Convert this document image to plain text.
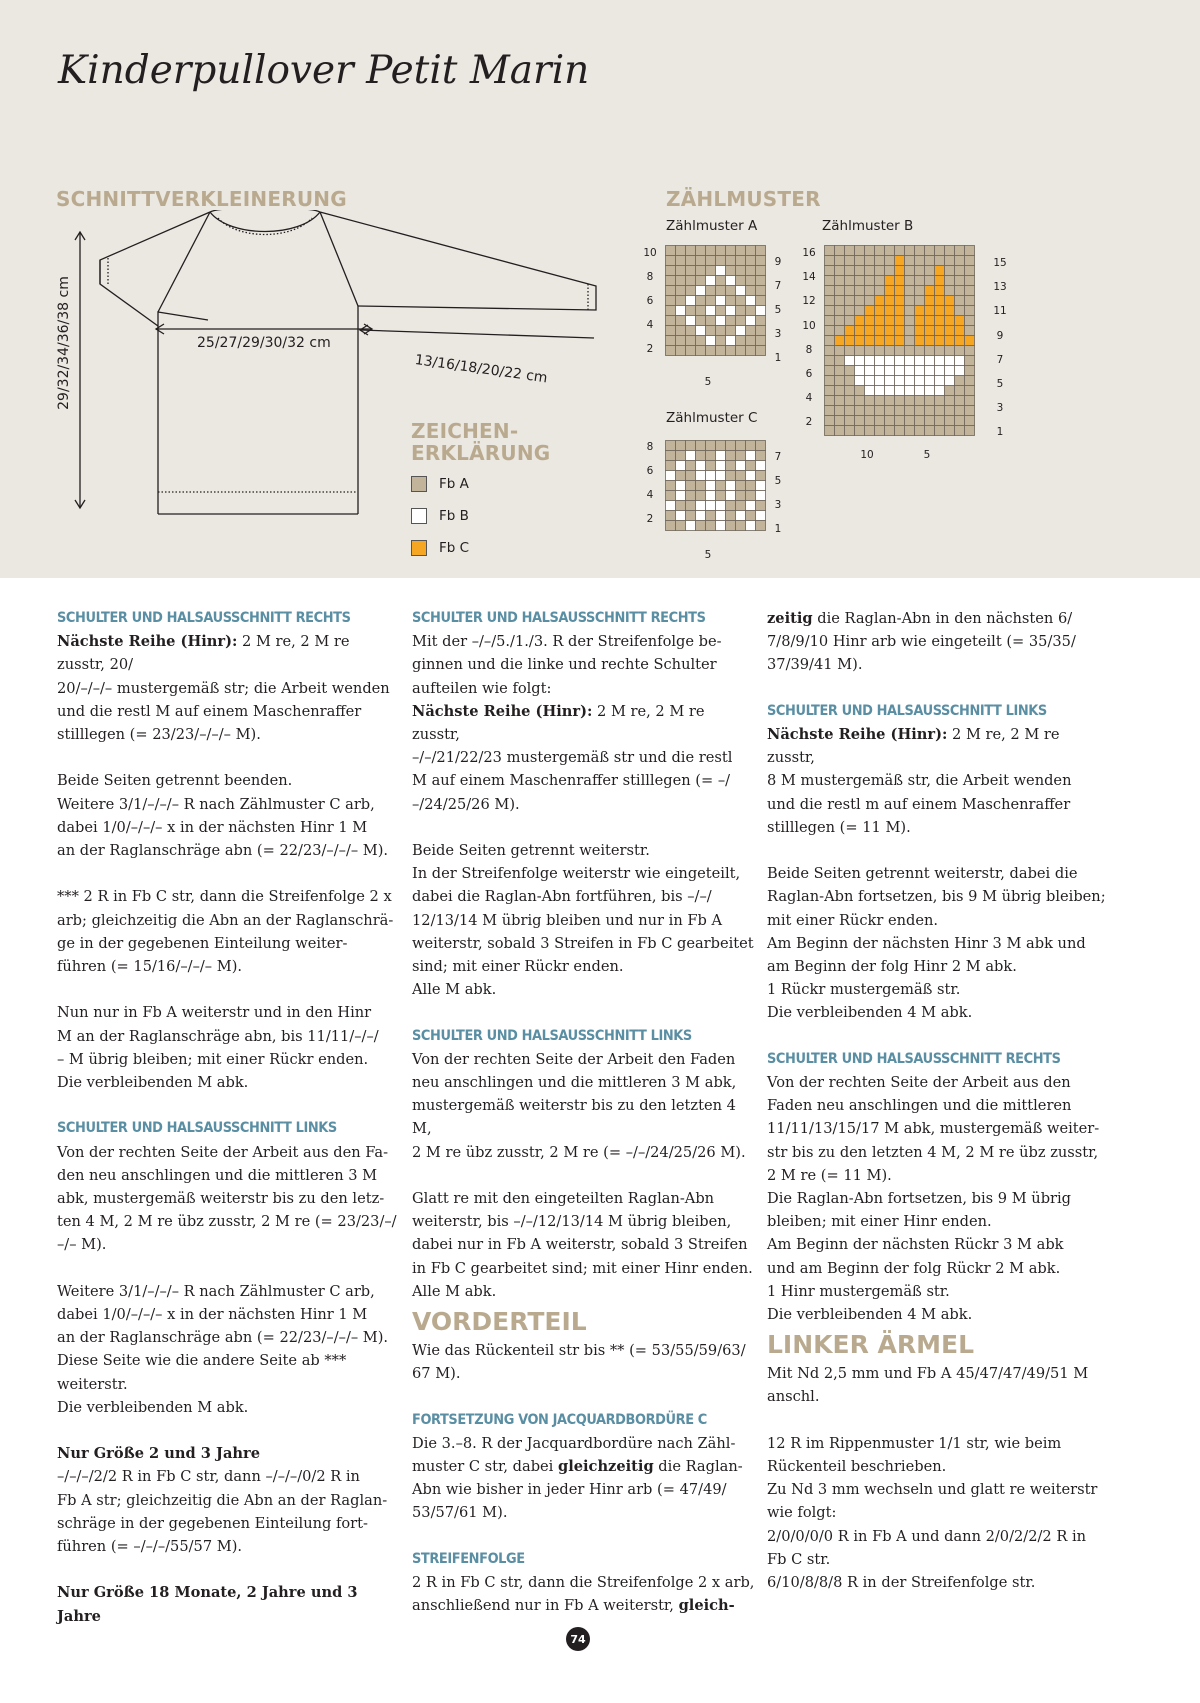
Kinderpullover Petit Marin
SCHNITTVERKLEINERUNG
29/32/34/36/38 cm	25/27/29/30/32 cm
13/16/18/20/22 cm
ZEICHEN-
ERKLÄRUNG
Fb A
Fb B
Fb C
ZÄHLMUSTER
Zählmuster A
10
8
6
4
2
9
7
5
3
1
5
Zählmuster B
16
14
12
10
8
6
4
2
15
13
11
9
7
5
3
1
10	5
Zählmuster C
8
6
4
2
7
5
3
1
5
SCHULTER UND HALSAUSSCHNITT RECHTS

Nächste Reihe (Hinr): 2 M re, 2 M re zusstr, 20/

20/–/–/– mustergemäß str; die Arbeit wenden

und die restl M auf einem Maschenraffer

stilllegen (= 23/23/–/–/– M).

Beide Seiten getrennt beenden.

Weitere 3/1/–/–/– R nach Zählmuster C arb,

dabei 1/0/–/–/– x in der nächsten Hinr 1 M

an der Raglanschräge abn (= 22/23/–/–/– M).

*** 2 R in Fb C str, dann die Streifenfolge 2 x

arb; gleichzeitig die Abn an der Raglanschrä-

ge in der gegebenen Einteilung weiter-

führen (= 15/16/–/–/– M).

Nun nur in Fb A weiterstr und in den Hinr

M an der Raglanschräge abn, bis 11/11/–/–/

– M übrig bleiben; mit einer Rückr enden.

Die verbleibenden M abk.

SCHULTER UND HALSAUSSCHNITT LINKS

Von der rechten Seite der Arbeit aus den Fa-

den neu anschlingen und die mittleren 3 M

abk, mustergemäß weiterstr bis zu den letz-

ten 4 M, 2 M re übz zusstr, 2 M re (= 23/23/–/

–/– M).

Weitere 3/1/–/–/– R nach Zählmuster C arb,

dabei 1/0/–/–/– x in der nächsten Hinr 1 M

an der Raglanschräge abn (= 22/23/–/–/– M).

Diese Seite wie die andere Seite ab ***

weiterstr.

Die verbleibenden M abk.

Nur Größe 2 und 3 Jahre

–/–/–/2/2 R in Fb C str, dann –/–/–/0/2 R in

Fb A str; gleichzeitig die Abn an der Raglan-

schräge in der gegebenen Einteilung fort-

führen (= –/–/–/55/57 M).

Nur Größe 18 Monate, 2 Jahre und 3 Jahre

SCHULTER UND HALSAUSSCHNITT RECHTS

Mit der –/–/5./1./3. R der Streifenfolge be-

ginnen und die linke und rechte Schulter

aufteilen wie folgt:

Nächste Reihe (Hinr): 2 M re, 2 M re zusstr,

–/–/21/22/23 mustergemäß str und die restl

M auf einem Maschenraffer stilllegen (= –/

–/24/25/26 M).

Beide Seiten getrennt weiterstr.

In der Streifenfolge weiterstr wie eingeteilt,

dabei die Raglan-Abn fortführen, bis –/–/

12/13/14 M übrig bleiben und nur in Fb A

weiterstr, sobald 3 Streifen in Fb C gearbeitet

sind; mit einer Rückr enden.

Alle M abk.

SCHULTER UND HALSAUSSCHNITT LINKS

Von der rechten Seite der Arbeit den Faden

neu anschlingen und die mittleren 3 M abk,

mustergemäß weiterstr bis zu den letzten 4 M,

2 M re übz zusstr, 2 M re (= –/–/24/25/26 M).

Glatt re mit den eingeteilten Raglan-Abn

weiterstr, bis –/–/12/13/14 M übrig bleiben,

dabei nur in Fb A weiterstr, sobald 3 Streifen

in Fb C gearbeitet sind; mit einer Hinr enden.

Alle M abk.

VORDERTEIL

Wie das Rückenteil str bis ** (= 53/55/59/63/

67 M).

FORTSETZUNG VON JACQUARDBORDÜRE C

Die 3.–8. R der Jacquardbordüre nach Zähl-

muster C str, dabei gleichzeitig die Raglan-

Abn wie bisher in jeder Hinr arb (= 47/49/

53/57/61 M).

STREIFENFOLGE

2 R in Fb C str, dann die Streifenfolge 2 x arb,

anschließend nur in Fb A weiterstr, gleich-

zeitig die Raglan-Abn in den nächsten 6/

7/8/9/10 Hinr arb wie eingeteilt (= 35/35/

37/39/41 M).

SCHULTER UND HALSAUSSCHNITT LINKS

Nächste Reihe (Hinr): 2 M re, 2 M re zusstr,

8 M mustergemäß str, die Arbeit wenden

und die restl m auf einem Maschenraffer

stilllegen (= 11 M).

Beide Seiten getrennt weiterstr, dabei die

Raglan-Abn fortsetzen, bis 9 M übrig bleiben;

mit einer Rückr enden.

Am Beginn der nächsten Hinr 3 M abk und

am Beginn der folg Hinr 2 M abk.

1 Rückr mustergemäß str.

Die verbleibenden 4 M abk.

SCHULTER UND HALSAUSSCHNITT RECHTS

Von der rechten Seite der Arbeit aus den

Faden neu anschlingen und die mittleren

11/11/13/15/17 M abk, mustergemäß weiter-

str bis zu den letzten 4 M, 2 M re übz zusstr,

2 M re (= 11 M).

Die Raglan-Abn fortsetzen, bis 9 M übrig

bleiben; mit einer Hinr enden.

Am Beginn der nächsten Rückr 3 M abk

und am Beginn der folg Rückr 2 M abk.

1 Hinr mustergemäß str.

Die verbleibenden 4 M abk.

LINKER ÄRMEL

Mit Nd 2,5 mm und Fb A 45/47/47/49/51 M

anschl.

12 R im Rippenmuster 1/1 str, wie beim

Rückenteil beschrieben.

Zu Nd 3 mm wechseln und glatt re weiterstr

wie folgt:

2/0/0/0/0 R in Fb A und dann 2/0/2/2/2 R in

Fb C str.

6/10/8/8/8 R in der Streifenfolge str.

74
